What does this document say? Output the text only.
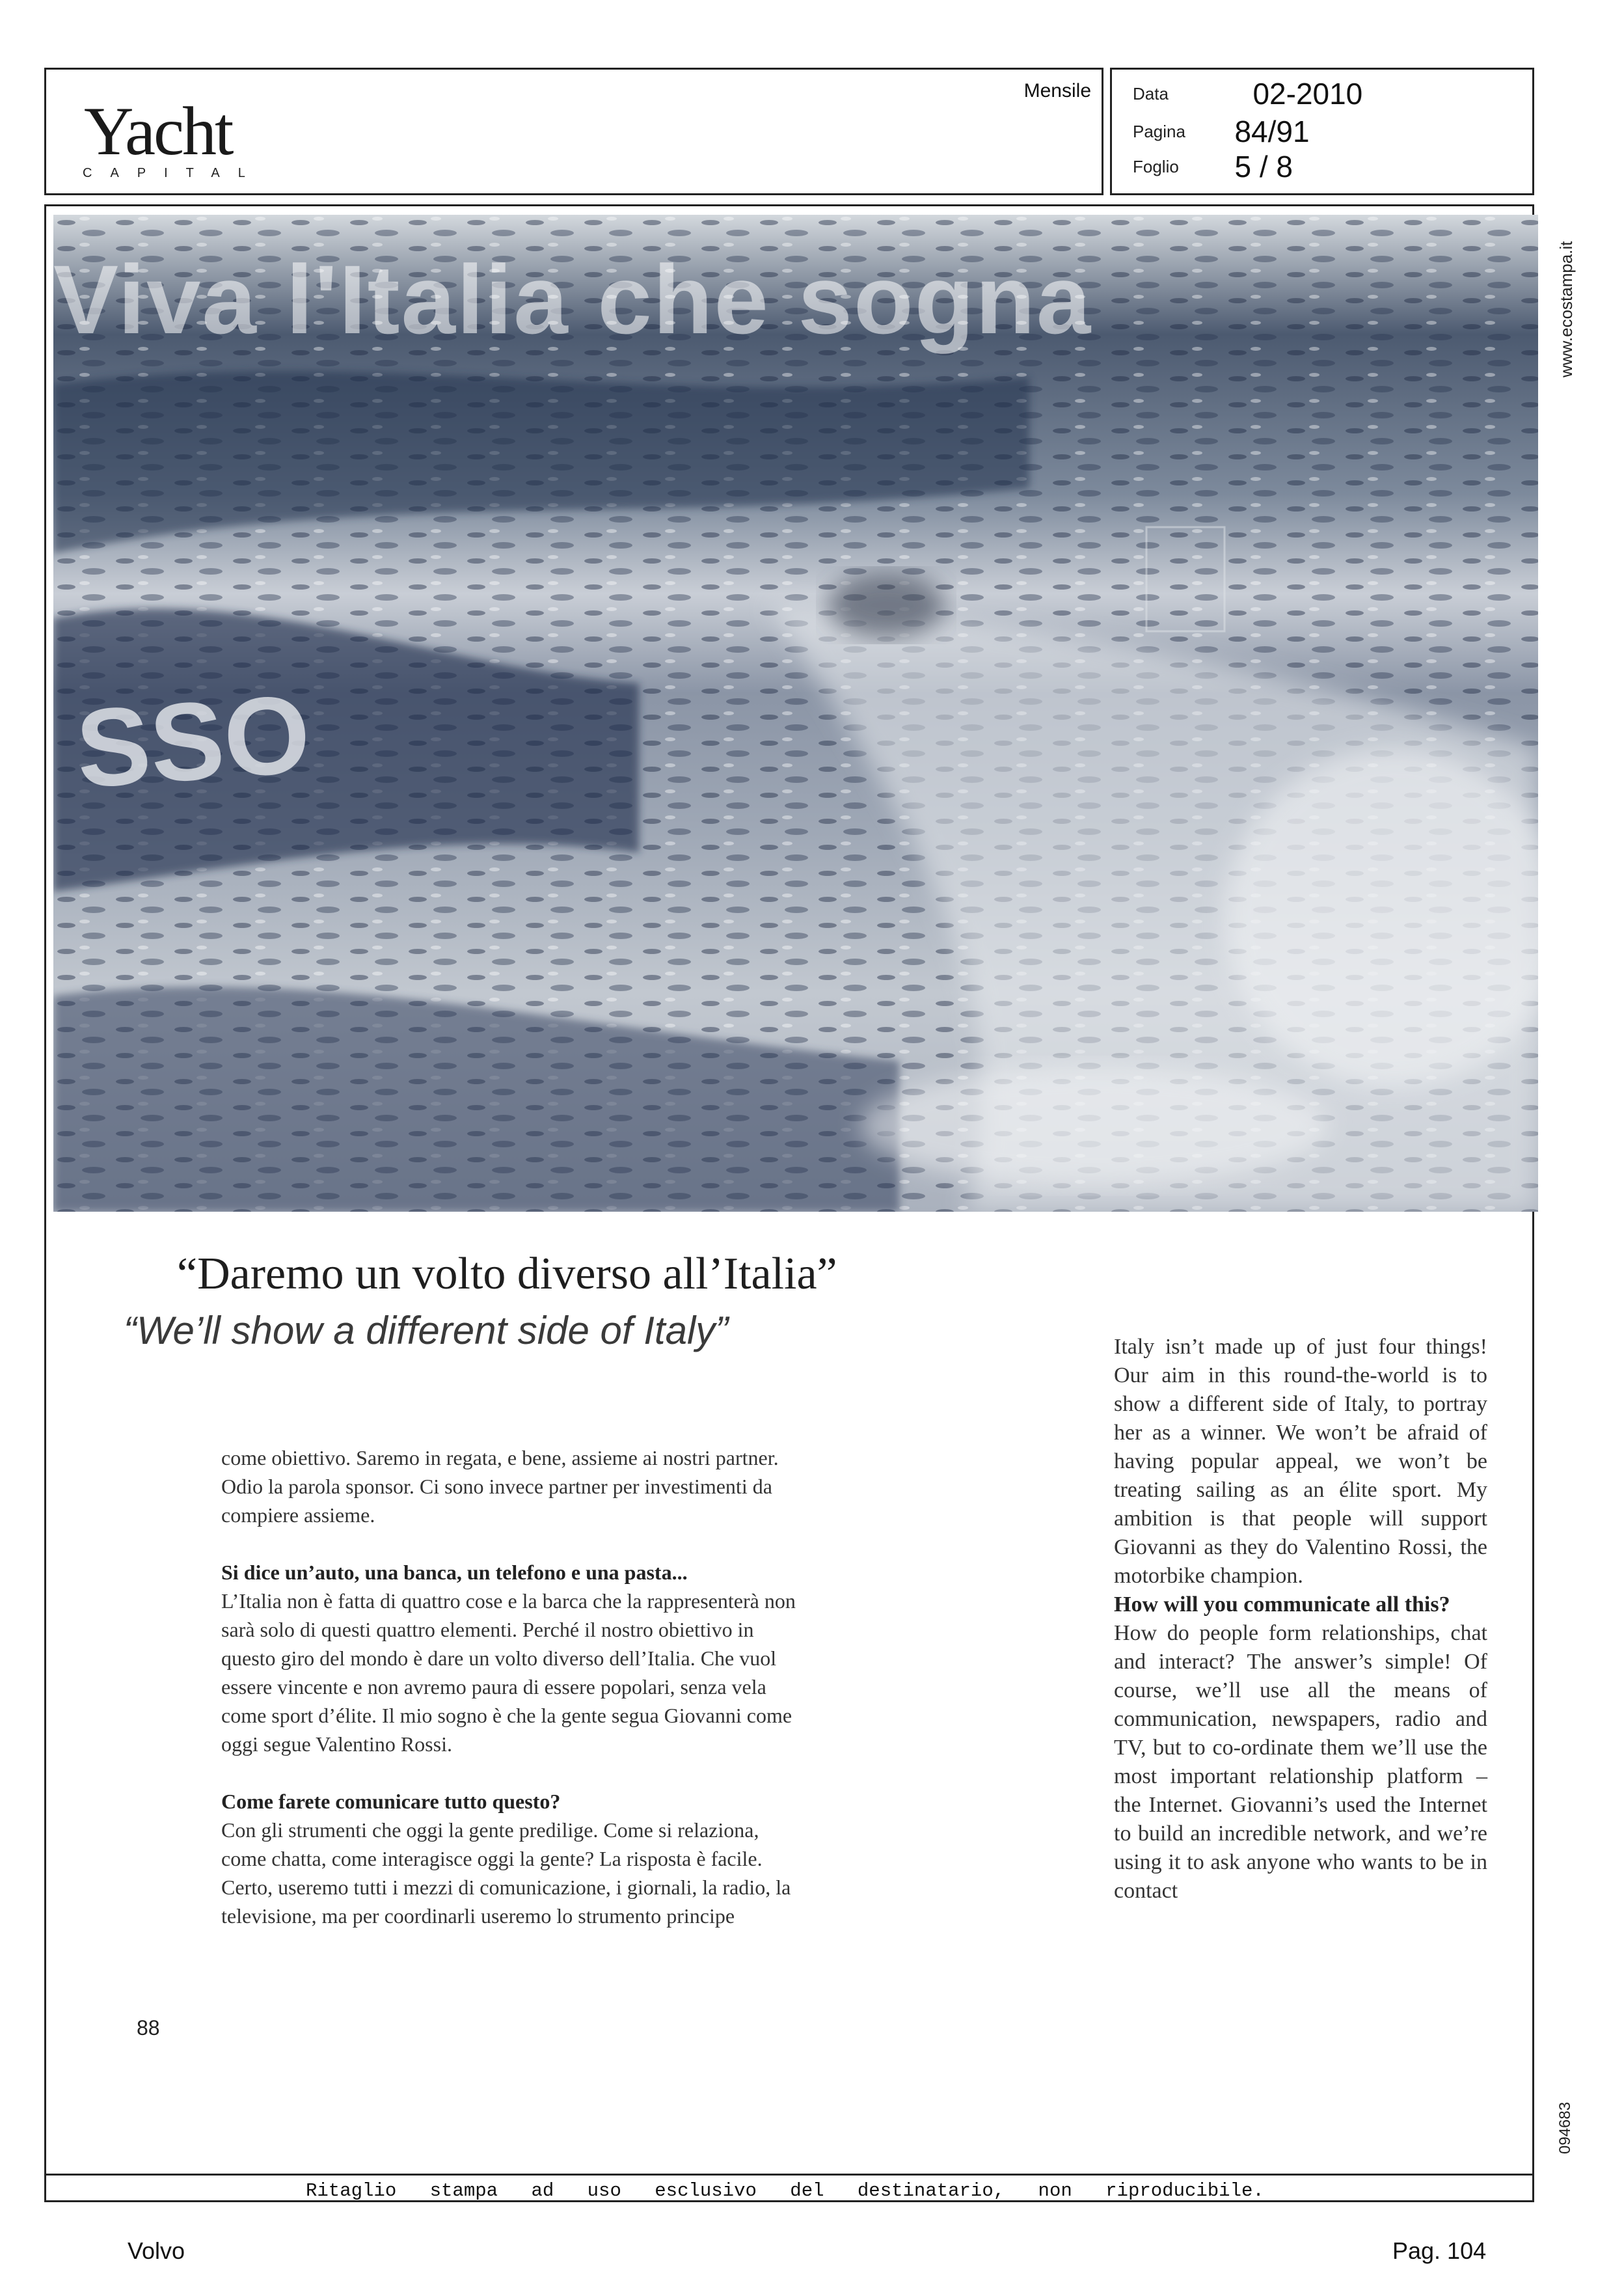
Yacht
CAPITAL
Mensile Data	02-2010
Pagina 84/91
Foglio 5 / 8
SSO
Viva l'Italia che sogna	www.ecostampa.it
094683
“Daremo un volto diverso all’Italia”
“We’ll show a different side of Italy”

come obiettivo. Saremo in regata, e bene, assieme ai nostri partner. Odio la parola sponsor. Ci sono invece partner per investimenti da compiere assieme.

Si dice un’auto, una banca, un telefono e una pasta...

L’Italia non è fatta di quattro cose e la barca che la rappresenterà non sarà solo di questi quattro elementi. Perché il nostro obiettivo in questo giro del mondo è dare un volto diverso dell’Italia. Che vuol essere vincente e non avremo paura di essere popolari, senza vela come sport d’élite. Il mio sogno è che la gente segua Giovanni come oggi segue Valentino Rossi.

Come farete comunicare tutto questo?

Con gli strumenti che oggi la gente predilige. Come si relaziona, come chatta, come interagisce oggi la gente? La risposta è facile. Certo, useremo tutti i mezzi di comunicazione, i giornali, la radio, la televisione, ma per coordinarli useremo lo strumento principe

Italy isn’t made up of just four things! Our aim in this round-the-world is to show a different side of Italy, to portray her as a winner. We won’t be afraid of having popular appeal, we won’t be treating sailing as an élite sport. My ambition is that people will support Giovanni as they do Valentino Rossi, the motorbike champion.

How will you communicate all this?

How do people form relationships, chat and interact? The answer’s simple! Of course, we’ll use all the means of communication, newspapers, radio and TV, but to co-ordinate them we’ll use the most important relationship platform – the Internet. Giovanni’s used the Internet to build an incredible network, and we’re using it to ask anyone who wants to be in contact

88
Ritaglio stampa ad uso esclusivo del destinatario, non riproducibile.
Volvo	Pag. 104
